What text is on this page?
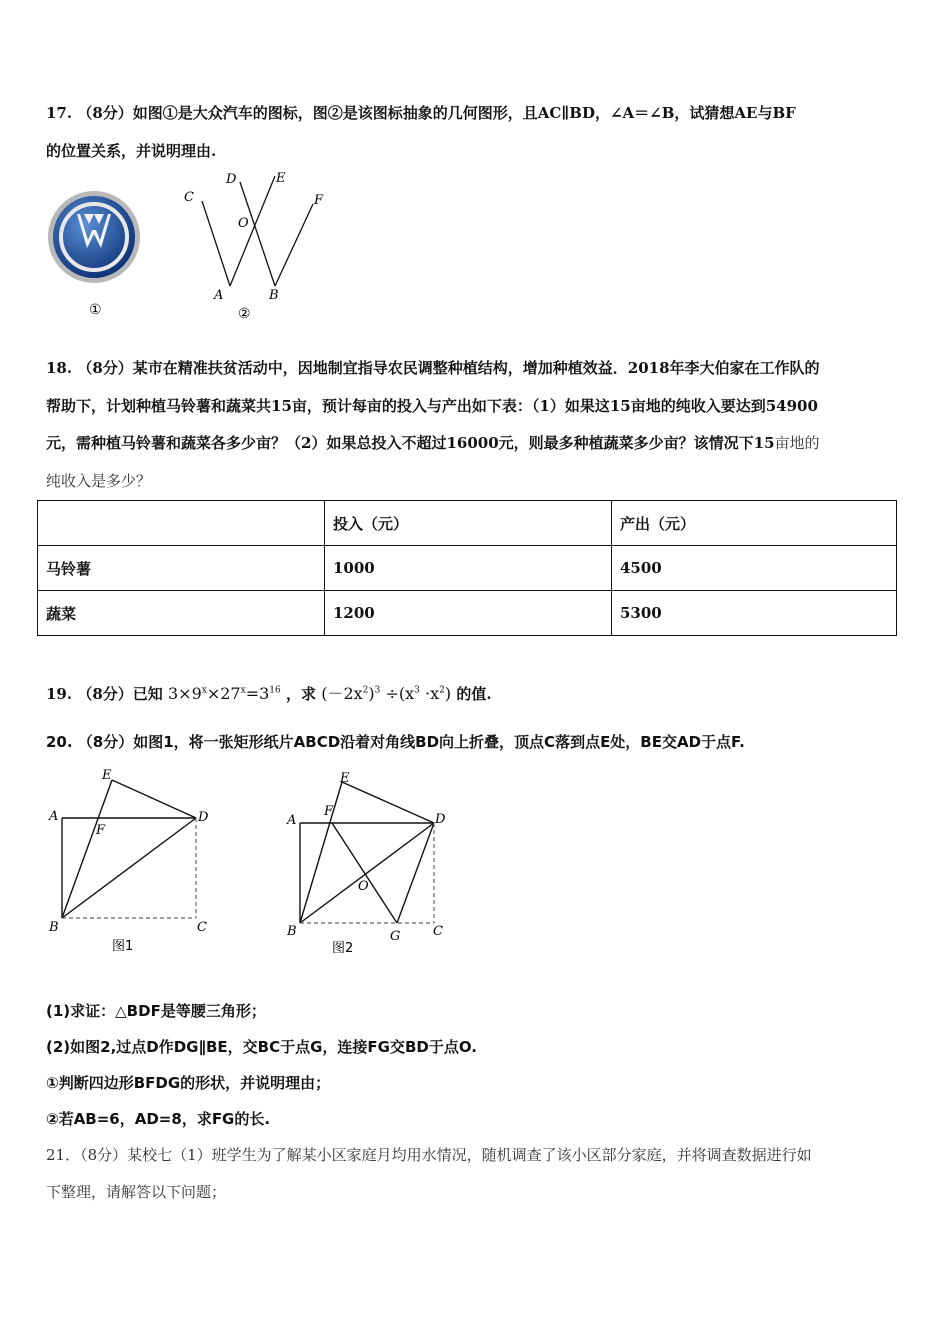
17. （8分）如图①是大众汽车的图标，图②是该图标抽象的几何图形，且AC∥BD，∠A＝∠B，试猜想AE与BF
的位置关系，并说明理由.
①
C
D	E
F
O
A	B
②
18. （8分）某市在精准扶贫活动中，因地制宜指导农民调整种植结构，增加种植效益．2018年李大伯家在工作队的
帮助下，计划种植马铃薯和蔬菜共15亩，预计每亩的投入与产出如下表：（1）如果这15亩地的纯收入要达到54900
元，需种植马铃薯和蔬菜各多少亩？（2）如果总投入不超过16000元，则最多种植蔬菜多少亩？该情况下15亩地的
纯收入是多少？
	投入（元）	产出（元）
马铃薯	1000	4500
蔬菜	1200	5300
19. （8分）已知 $3\times 9^x\times 27^x=3^{16}$ ，求 $(-2x^2)^3 \div(x^3 \cdot x^2)$ 的值.
20. （8分）如图1，将一张矩形纸片ABCD沿着对角线BD向上折叠，顶点C落到点E处，BE交AD于点F.
A
B	C
D
E
F
图1
A
B	C
D
E
F
G
O
图2
(1)求证：△BDF是等腰三角形；
(2)如图2,过点D作DG∥BE，交BC于点G，连接FG交BD于点O.
①判断四边形BFDG的形状，并说明理由；
②若AB=6，AD=8，求FG的长.
21．（8分）某校七（1）班学生为了解某小区家庭月均用水情况，随机调查了该小区部分家庭，并将调查数据进行如
下整理，请解答以下问题；
